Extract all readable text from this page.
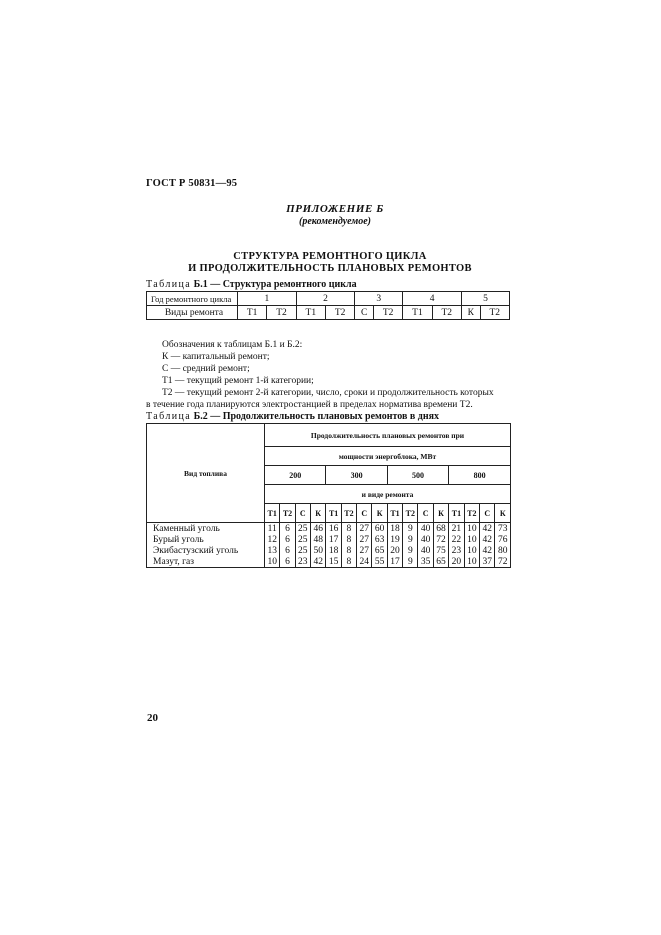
ГОСТ Р 50831—95
ПРИЛОЖЕНИЕ Б
(рекомендуемое)
СТРУКТУРА РЕМОНТНОГО ЦИКЛА
И ПРОДОЛЖИТЕЛЬНОСТЬ ПЛАНОВЫХ РЕМОНТОВ
Таблица Б.1 — Структура ремонтного цикла
Год ремонтного цикла	1		2		3		4		5	
Виды ремонта	Т1	Т2	Т1	Т2	С	Т2	Т1	Т2	К	Т2
Обозначения к таблицам Б.1 и Б.2:
К — капитальный ремонт;
С — средний ремонт;
Т1 — текущий ремонт 1-й категории;
Т2 — текущий ремонт 2-й категории, число, сроки и продолжительность которых
в течение года планируются электростанцией в пределах норматива времени Т2.
Таблица Б.2 — Продолжительность плановых ремонтов в днях
Вид топлива	Продолжительность плановых ремонтов при															
	мощности энергоблока, МВт															
	200				300				500				800			
	и виде ремонта															
	Т1	Т2	С	К	Т1	Т2	С	К	Т1	Т2	С	К	Т1	Т2	С	К
Каменный уголь	11	6	25	46	16	8	27	60	18	9	40	68	21	10	42	73
Бурый уголь	12	6	25	48	17	8	27	63	19	9	40	72	22	10	42	76
Экибастузский уголь	13	6	25	50	18	8	27	65	20	9	40	75	23	10	42	80
Мазут, газ	10	6	23	42	15	8	24	55	17	9	35	65	20	10	37	72
20
